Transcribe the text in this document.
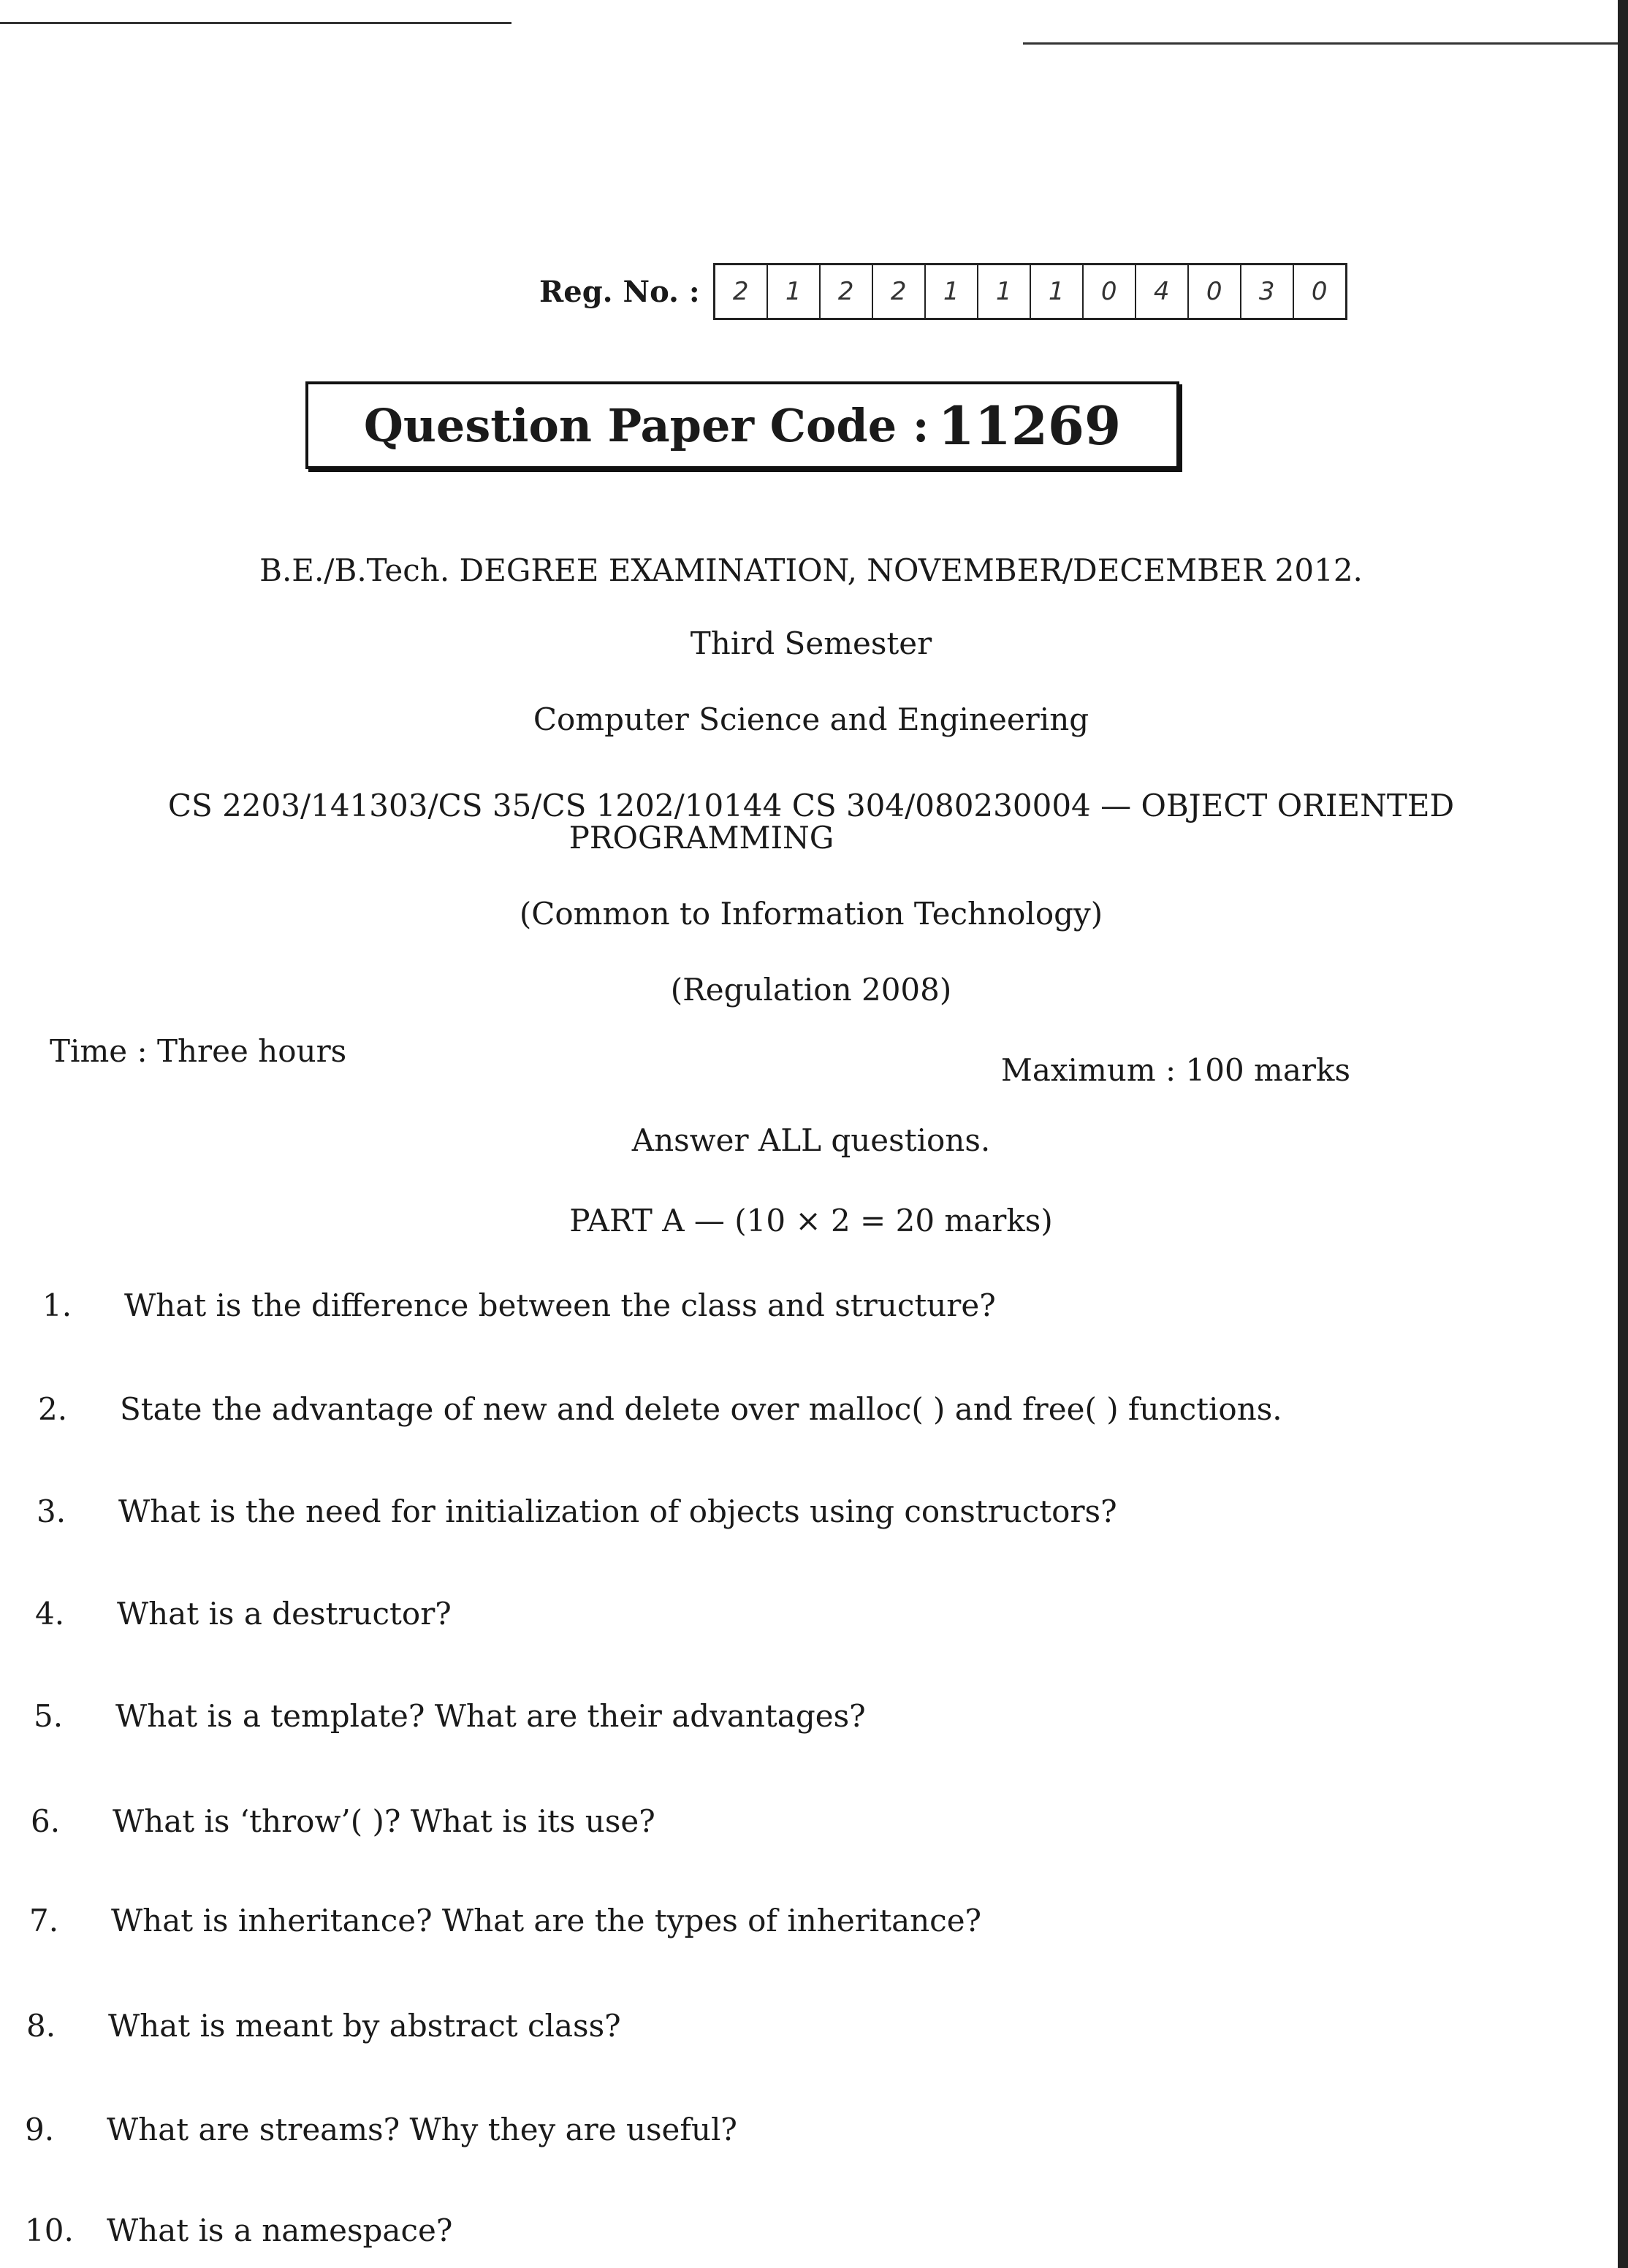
Reg. No. :	2	1	2	2	1	1	1	0	4	0	3	0
Question Paper Code : 11269
B.E./B.Tech. DEGREE EXAMINATION, NOVEMBER/DECEMBER 2012.
Third Semester
Computer Science and Engineering
CS 2203/141303/CS 35/CS 1202/10144 CS 304/080230004 — OBJECT ORIENTED
PROGRAMMING
(Common to Information Technology)
(Regulation 2008)
Time : Three hours
Maximum : 100 marks
Answer ALL questions.
PART A — (10 × 2 = 20 marks)
1.	What is the difference between the class and structure?
2.	State the advantage of new and delete over malloc( ) and free( ) functions.
3.	What is the need for initialization of objects using constructors?
4.	What is a destructor?
5.	What is a template? What are their advantages?
6.	What is ‘throw’( )? What is its use?
7.	What is inheritance? What are the types of inheritance?
8.	What is meant by abstract class?
9.	What are streams? Why they are useful?
10.	What is a namespace?
